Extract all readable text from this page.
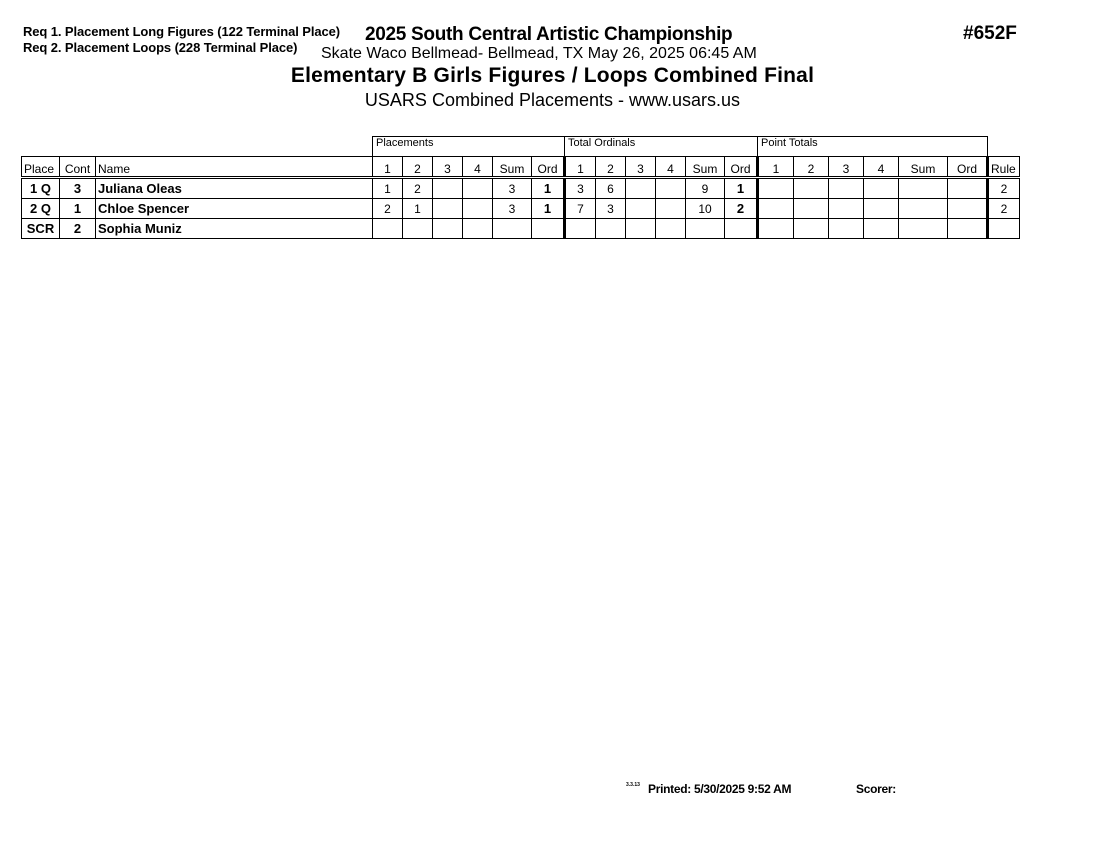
Req 1. Placement Long Figures (122 Terminal Place)
Req 2. Placement Loops (228 Terminal Place)
2025 South Central Artistic Championship
Skate Waco Bellmead- Bellmead, TX May 26, 2025 06:45 AM
Elementary B Girls Figures / Loops Combined Final
USARS Combined Placements - www.usars.us
#652F
			Placements						Total Ordinals						Point Totals						
Place	Cont	Name	1	2	3	4	Sum	Ord	1	2	3	4	Sum	Ord	1	2	3	4	Sum	Ord	Rule
1 Q	3	Juliana Oleas	1	2			3	1	3	6			9	1							2
2 Q	1	Chloe Spencer	2	1			3	1	7	3			10	2							2
SCR	2	Sophia Muniz																			
3.3.13 Printed: 5/30/2025 9:52 AM	Scorer:
